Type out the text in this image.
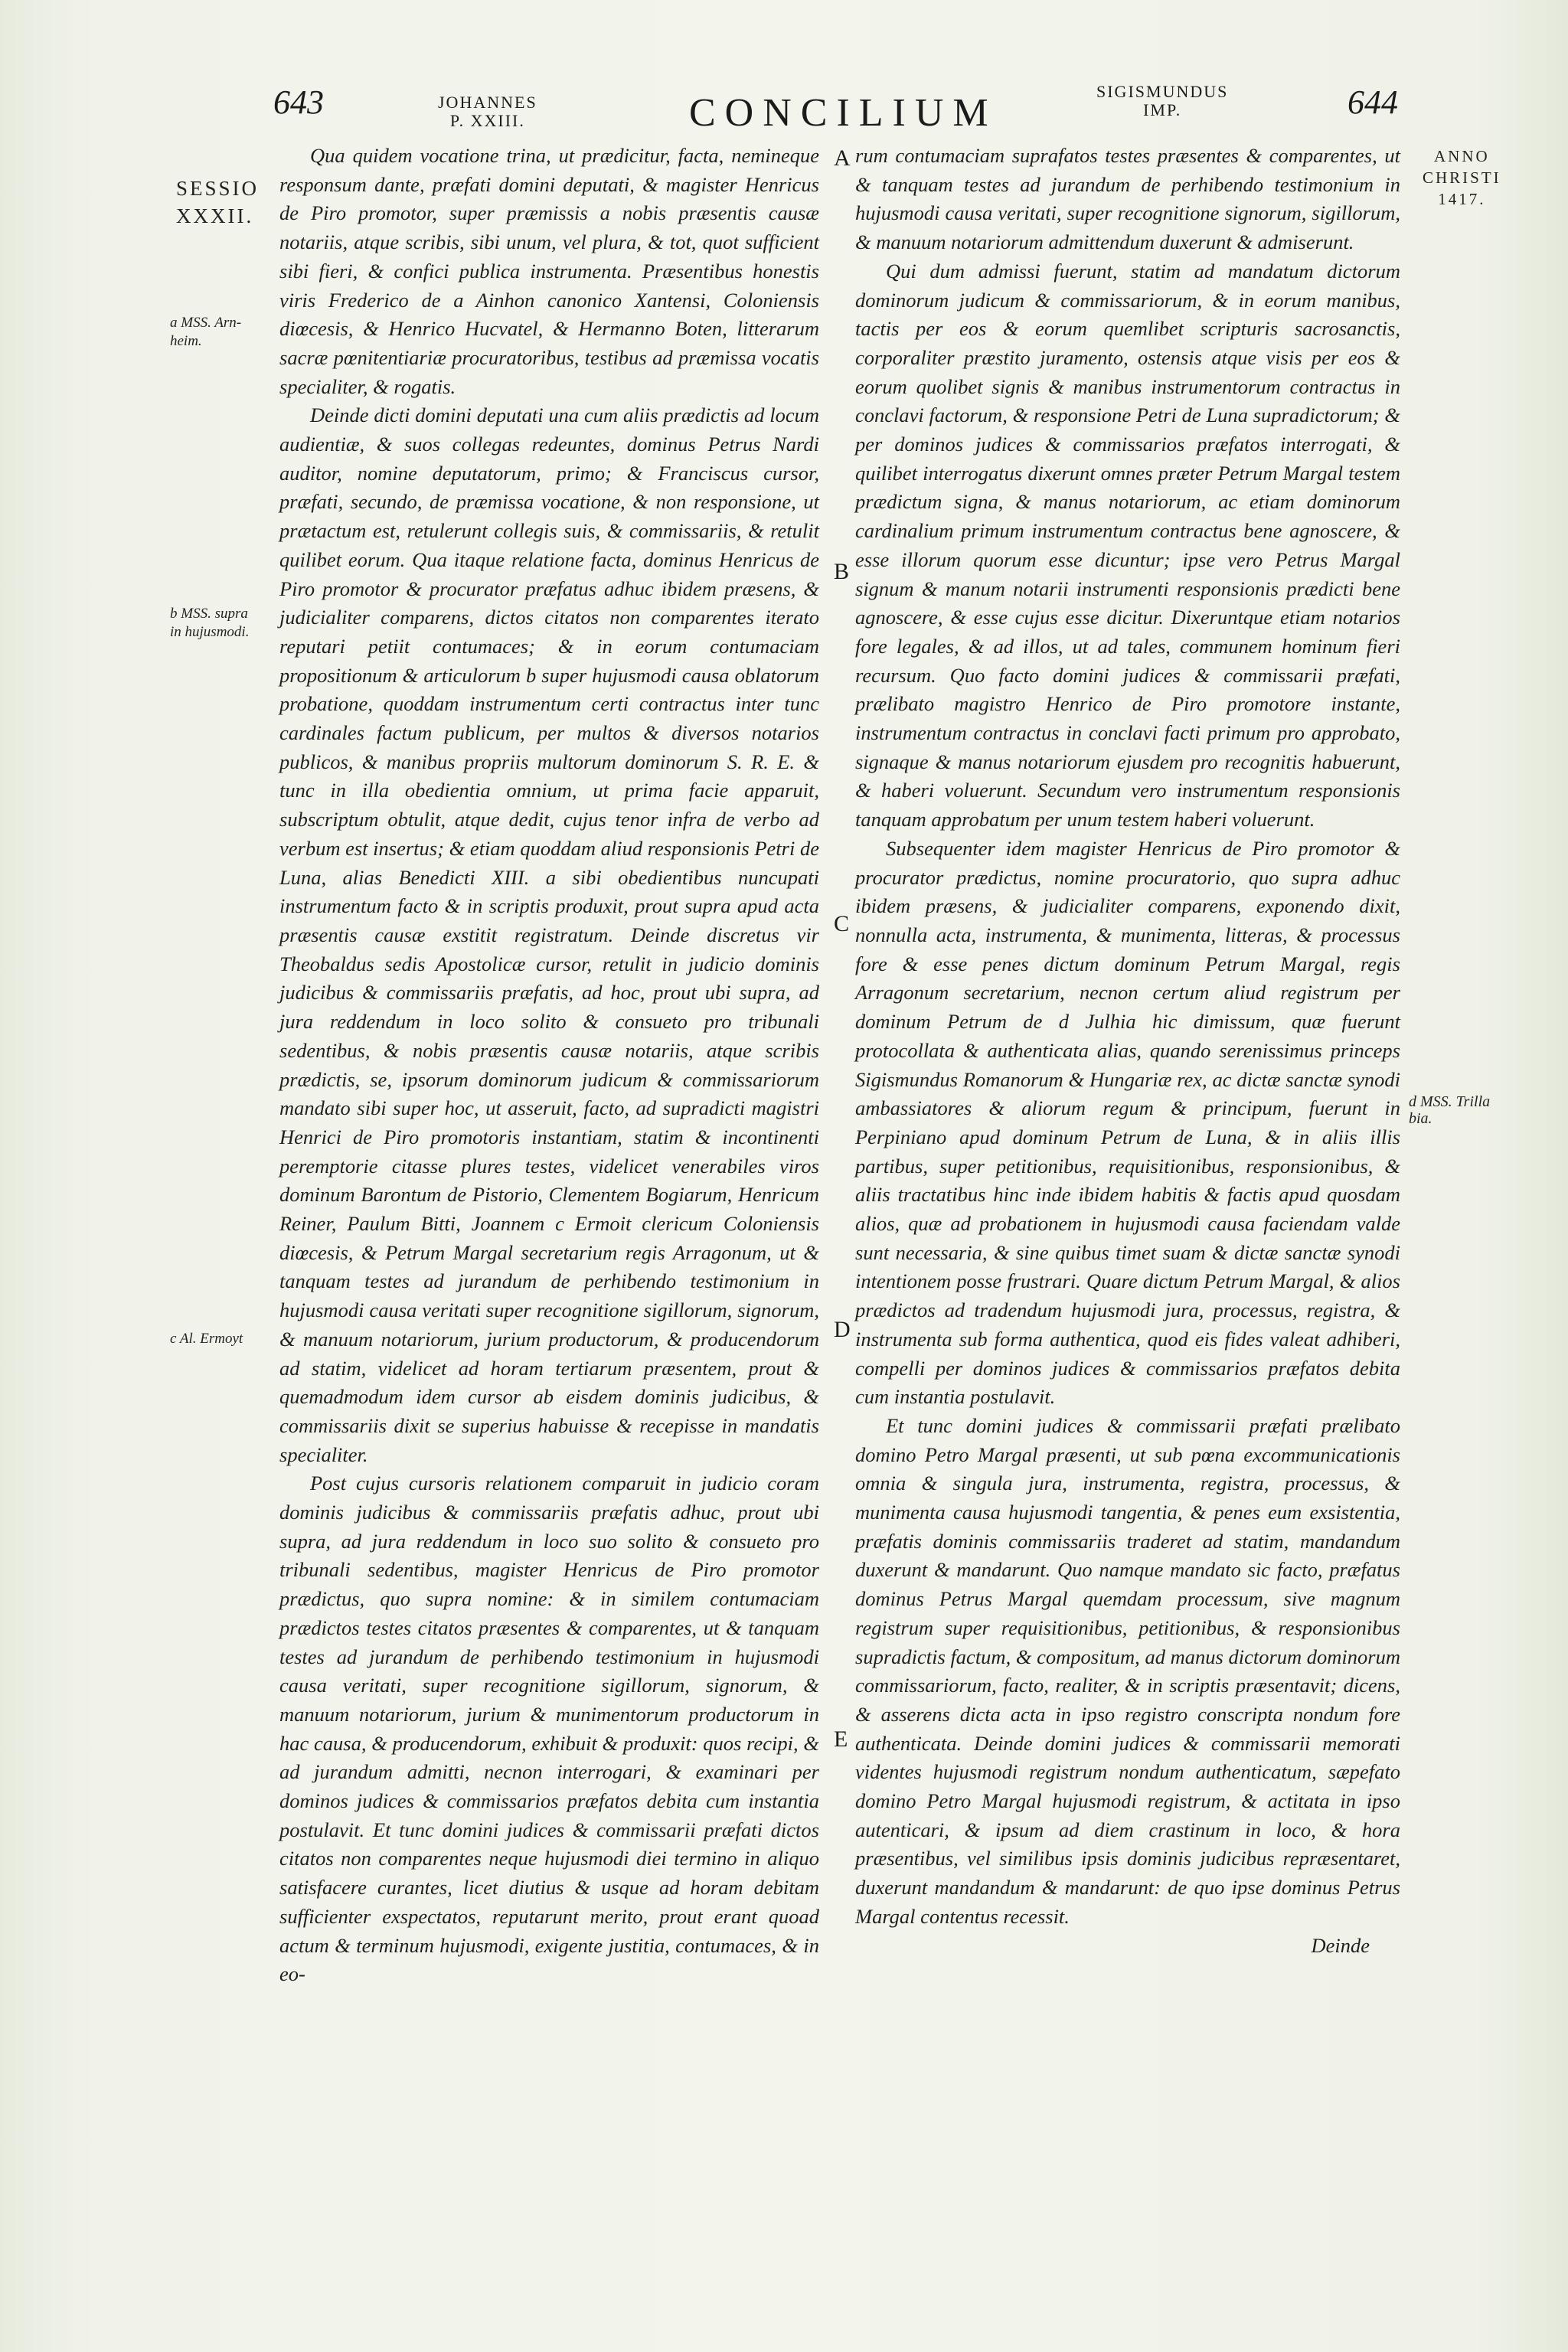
643	JOHANNES
P. XXIII.	CONCILIUM	SIGISMUNDUS
IMP.	644
SESSIO
XXXII.
a MSS. Arn-
heim.
b MSS. supra
in hujusmodi.
c Al. Ermoyt
d MSS. Trilla
bia.
ANNO
CHRISTI
1417.
A
B
C
D
E

Qua quidem vocatione trina, ut prædicitur, facta, nemineque responsum dante, præfati domini deputati, & magister Henricus de Piro promotor, super præmissis a nobis præsentis causæ notariis, atque scribis, sibi unum, vel plura, & tot, quot sufficient sibi fieri, & confici publica instrumenta. Præsentibus honestis viris Frederico de a Ainhon canonico Xantensi, Coloniensis diœcesis, & Henrico Hucvatel, & Hermanno Boten, litterarum sacræ pœnitentiariæ procuratoribus, testibus ad præmissa vocatis specialiter, & rogatis.

Deinde dicti domini deputati una cum aliis prædictis ad locum audientiæ, & suos collegas redeuntes, dominus Petrus Nardi auditor, nomine deputatorum, primo; & Franciscus cursor, præfati, secundo, de præmissa vocatione, & non responsione, ut prætactum est, retulerunt collegis suis, & commissariis, & retulit quilibet eorum. Qua itaque relatione facta, dominus Henricus de Piro promotor & procurator præfatus adhuc ibidem præsens, & judicialiter comparens, dictos citatos non comparentes iterato reputari petiit contumaces; & in eorum contumaciam propositionum & articulorum b super hujusmodi causa oblatorum probatione, quoddam instrumentum certi contractus inter tunc cardinales factum publicum, per multos & diversos notarios publicos, & manibus propriis multorum dominorum S. R. E. & tunc in illa obedientia omnium, ut prima facie apparuit, subscriptum obtulit, atque dedit, cujus tenor infra de verbo ad verbum est insertus; & etiam quoddam aliud responsionis Petri de Luna, alias Benedicti XIII. a sibi obedientibus nuncupati instrumentum facto & in scriptis produxit, prout supra apud acta præsentis causæ exstitit registratum. Deinde discretus vir Theobaldus sedis Apostolicæ cursor, retulit in judicio dominis judicibus & commissariis præfatis, ad hoc, prout ubi supra, ad jura reddendum in loco solito & consueto pro tribunali sedentibus, & nobis præsentis causæ notariis, atque scribis prædictis, se, ipsorum dominorum judicum & commissariorum mandato sibi super hoc, ut asseruit, facto, ad supradicti magistri Henrici de Piro promotoris instantiam, statim & incontinenti peremptorie citasse plures testes, videlicet venerabiles viros dominum Barontum de Pistorio, Clementem Bogiarum, Henricum Reiner, Paulum Bitti, Joannem c Ermoit clericum Coloniensis diœcesis, & Petrum Margal secretarium regis Arragonum, ut & tanquam testes ad jurandum de perhibendo testimonium in hujusmodi causa veritati super recognitione sigillorum, signorum, & manuum notariorum, jurium productorum, & producendorum ad statim, videlicet ad horam tertiarum præsentem, prout & quemadmodum idem cursor ab eisdem dominis judicibus, & commissariis dixit se superius habuisse & recepisse in mandatis specialiter.

Post cujus cursoris relationem comparuit in judicio coram dominis judicibus & commissariis præfatis adhuc, prout ubi supra, ad jura reddendum in loco suo solito & consueto pro tribunali sedentibus, magister Henricus de Piro promotor prædictus, quo supra nomine: & in similem contumaciam prædictos testes citatos præsentes & comparentes, ut & tanquam testes ad jurandum de perhibendo testimonium in hujusmodi causa veritati, super recognitione sigillorum, signorum, & manuum notariorum, jurium & munimentorum productorum in hac causa, & producendorum, exhibuit & produxit: quos recipi, & ad jurandum admitti, necnon interrogari, & examinari per dominos judices & commissarios præfatos debita cum instantia postulavit. Et tunc domini judices & commissarii præfati dictos citatos non comparentes neque hujusmodi diei termino in aliquo satisfacere curantes, licet diutius & usque ad horam debitam sufficienter exspectatos, reputarunt merito, prout erant quoad actum & terminum hujusmodi, exigente justitia, contumaces, & in eo-

rum contumaciam suprafatos testes præsentes & comparentes, ut & tanquam testes ad jurandum de perhibendo testimonium in hujusmodi causa veritati, super recognitione signorum, sigillorum, & manuum notariorum admittendum duxerunt & admiserunt.

Qui dum admissi fuerunt, statim ad mandatum dictorum dominorum judicum & commissariorum, & in eorum manibus, tactis per eos & eorum quemlibet scripturis sacrosanctis, corporaliter præstito juramento, ostensis atque visis per eos & eorum quolibet signis & manibus instrumentorum contractus in conclavi factorum, & responsione Petri de Luna supradictorum; & per dominos judices & commissarios præfatos interrogati, & quilibet interrogatus dixerunt omnes præter Petrum Margal testem prædictum signa, & manus notariorum, ac etiam dominorum cardinalium primum instrumentum contractus bene agnoscere, & esse illorum quorum esse dicuntur; ipse vero Petrus Margal signum & manum notarii instrumenti responsionis prædicti bene agnoscere, & esse cujus esse dicitur. Dixeruntque etiam notarios fore legales, & ad illos, ut ad tales, communem hominum fieri recursum. Quo facto domini judices & commissarii præfati, prælibato magistro Henrico de Piro promotore instante, instrumentum contractus in conclavi facti primum pro approbato, signaque & manus notariorum ejusdem pro recognitis habuerunt, & haberi voluerunt. Secundum vero instrumentum responsionis tanquam approbatum per unum testem haberi voluerunt.

Subsequenter idem magister Henricus de Piro promotor & procurator prædictus, nomine procuratorio, quo supra adhuc ibidem præsens, & judicialiter comparens, exponendo dixit, nonnulla acta, instrumenta, & munimenta, litteras, & processus fore & esse penes dictum dominum Petrum Margal, regis Arragonum secretarium, necnon certum aliud registrum per dominum Petrum de d Julhia hic dimissum, quæ fuerunt protocollata & authenticata alias, quando serenissimus princeps Sigismundus Romanorum & Hungariæ rex, ac dictæ sanctæ synodi ambassiatores & aliorum regum & principum, fuerunt in Perpiniano apud dominum Petrum de Luna, & in aliis illis partibus, super petitionibus, requisitionibus, responsionibus, & aliis tractatibus hinc inde ibidem habitis & factis apud quosdam alios, quæ ad probationem in hujusmodi causa faciendam valde sunt necessaria, & sine quibus timet suam & dictæ sanctæ synodi intentionem posse frustrari. Quare dictum Petrum Margal, & alios prædictos ad tradendum hujusmodi jura, processus, registra, & instrumenta sub forma authentica, quod eis fides valeat adhiberi, compelli per dominos judices & commissarios præfatos debita cum instantia postulavit.

Et tunc domini judices & commissarii præfati prælibato domino Petro Margal præsenti, ut sub pœna excommunicationis omnia & singula jura, instrumenta, registra, processus, & munimenta causa hujusmodi tangentia, & penes eum exsistentia, præfatis dominis commissariis traderet ad statim, mandandum duxerunt & mandarunt. Quo namque mandato sic facto, præfatus dominus Petrus Margal quemdam processum, sive magnum registrum super requisitionibus, petitionibus, & responsionibus supradictis factum, & compositum, ad manus dictorum dominorum commissariorum, facto, realiter, & in scriptis præsentavit; dicens, & asserens dicta acta in ipso registro conscripta nondum fore authenticata. Deinde domini judices & commissarii memorati videntes hujusmodi registrum nondum authenticatum, sæpefato domino Petro Margal hujusmodi registrum, & actitata in ipso autenticari, & ipsum ad diem crastinum in loco, & hora præsentibus, vel similibus ipsis dominis judicibus repræsentaret, duxerunt mandandum & mandarunt: de quo ipse dominus Petrus Margal contentus recessit.

Deinde
